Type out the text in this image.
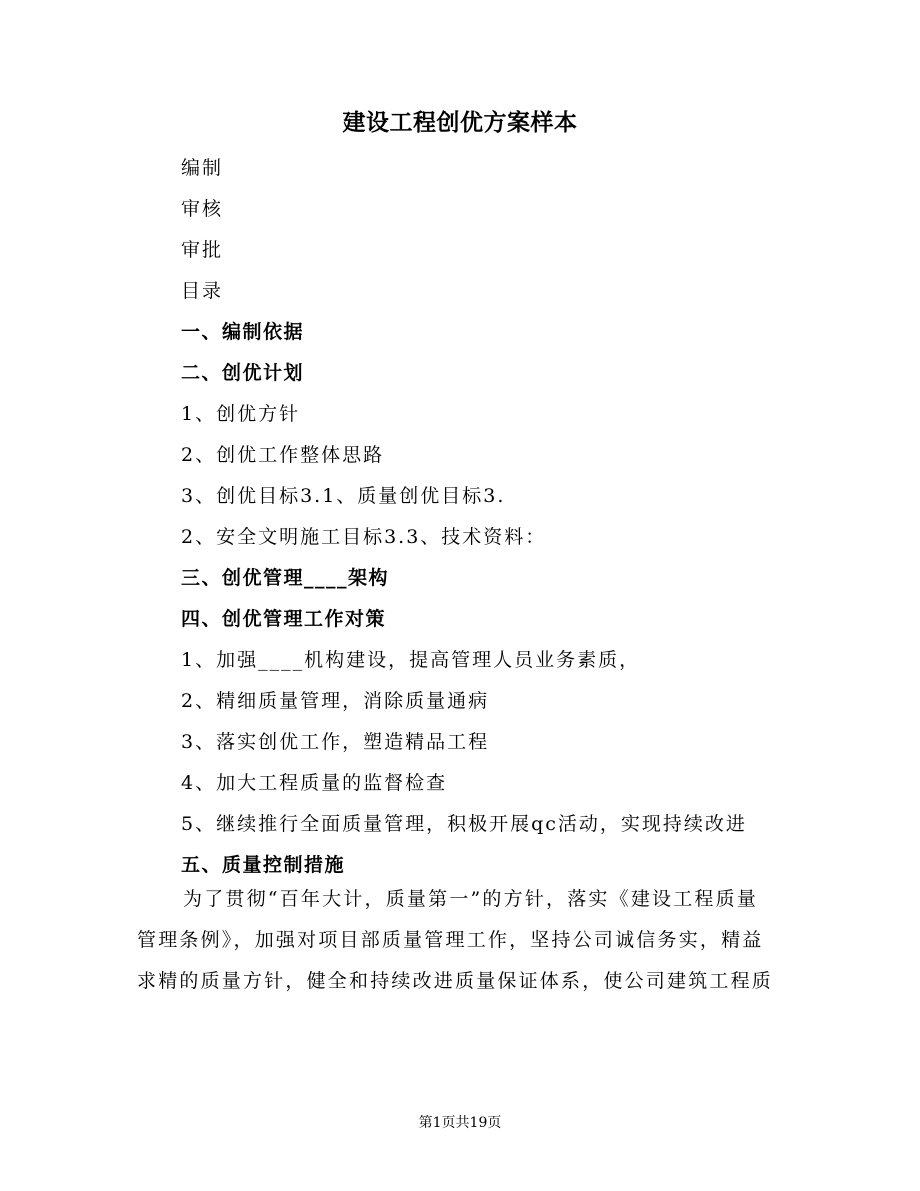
建设工程创优方案样本
编制
审核
审批
目录
一、编制依据
二、创优计划
1、创优方针
2、创优工作整体思路
3、创优目标3.1、质量创优目标3.
2、安全文明施工目标3.3、技术资料：
三、创优管理____架构
四、创优管理工作对策
1、加强____机构建设，提高管理人员业务素质，
2、精细质量管理，消除质量通病
3、落实创优工作，塑造精品工程
4、加大工程质量的监督检查
5、继续推行全面质量管理，积极开展qc活动，实现持续改进
五、质量控制措施
为了贯彻“百年大计，质量第一”的方针，落实《建设工程质量
管理条例》，加强对项目部质量管理工作，坚持公司诚信务实，精益
求精的质量方针，健全和持续改进质量保证体系，使公司建筑工程质
第1页共19页
